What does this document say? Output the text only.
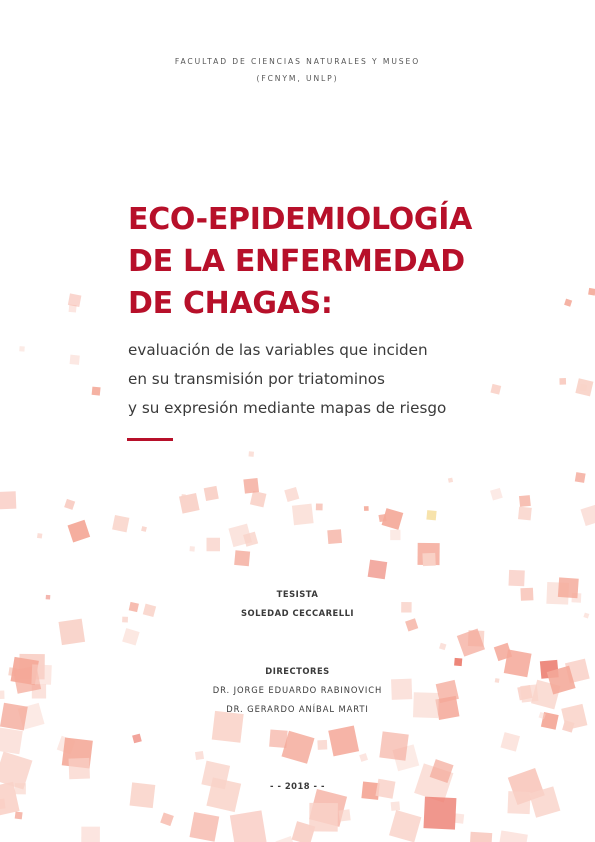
FACULTAD DE CIENCIAS NATURALES Y MUSEO
(FCNYM, UNLP)
ECO-EPIDEMIOLOGÍA
DE LA ENFERMEDAD
DE CHAGAS:
evaluación de las variables que inciden
en su transmisión por triatominos
y su expresión mediante mapas de riesgo
TESISTA
SOLEDAD CECCARELLI
DIRECTORES
DR. JORGE EDUARDO RABINOVICH
DR. GERARDO ANÍBAL MARTI
- - 2018 - -
